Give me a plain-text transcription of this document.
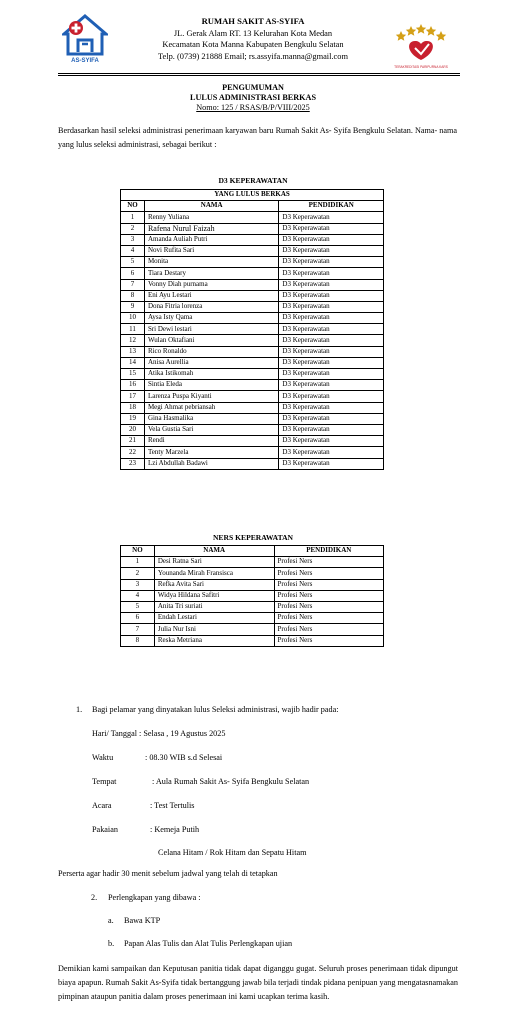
AS-SYIFA
RUMAH SAKIT AS-SYIFA
JL. Gerak Alam RT. 13 Kelurahan Kota Medan
Kecamatan Kota Manna Kabupaten Bengkulu Selatan
Telp. (0739) 21888 Email; rs.assyifa.manna@gmail.com
TERAKREDITASI PARIPURNA KARS
PENGUMUMAN
LULUS ADMINISTRASI BERKAS
Nomo: 125 / RSAS/B/P/VIII/2025
Berdasarkan hasil seleksi administrasi penerimaan karyawan baru Rumah Sakit As- Syifa Bengkulu Selatan. Nama- nama yang lulus seleksi administrasi, sebagai berikut :
D3 KEPERAWATAN
YANG LULUS BERKAS		
NO	NAMA	PENDIDIKAN
1	Renny Yuliana	D3 Keperawatan
2	Rafena Nurul Faizah	D3 Keperawatan
3	Amanda Auliah Putri	D3 Keperawatan
4	Novi Rufita Sari	D3 Keperawatan
5	Monita	D3 Keperawatan
6	Tiara Destary	D3 Keperawatan
7	Vonny Diah purnama	D3 Keperawatan
8	Eni Ayu Lestari	D3 Keperawatan
9	Dona Fitria lorenza	D3 Keperawatan
10	Aysa Isty Qama	D3 Keperawatan
11	Sri Dewi lestari	D3 Keperawatan
12	Wulan Oktafiani	D3 Keperawatan
13	Rico Ronaldo	D3 Keperawatan
14	Anisa Aurellia	D3 Keperawatan
15	Atika Istikomah	D3 Keperawatan
16	Sintia Eleda	D3 Keperawatan
17	Larenza Puspa Kiyanti	D3 Keperawatan
18	Megi Ahmat pebriansah	D3 Keperawatan
19	Gina Hasmalika	D3 Keperawatan
20	Vela Gustia Sari	D3 Keperawatan
21	Rendi	D3 Keperawatan
22	Tenty Marzela	D3 Keperawatan
23	Lzi Abdullah Badawi	D3 Keperawatan
NERS KEPERAWATAN
NO	NAMA	PENDIDIKAN
1	Desi Ratna Sari	Profesi Ners
2	Younanda Mirah Fransisca	Profesi Ners
3	Refka Avita Sari	Profesi Ners
4	Widya Hildana Safitri	Profesi Ners
5	Anita Tri suriati	Profesi Ners
6	Endah Lestari	Profesi Ners
7	Julia Nur Isni	Profesi Ners
8	Reska Metriana	Profesi Ners
1. Bagi pelamar yang dinyatakan lulus Seleksi administrasi, wajib hadir pada:
Hari/ Tanggal : Selasa , 19 Agustus 2025
Waktu	: 08.30 WIB s.d Selesai
Tempat	: Aula Rumah Sakit As- Syifa Bengkulu Selatan
Acara	: Test Tertulis
Pakaian	: Kemeja Putih
Celana Hitam / Rok Hitam dan Sepatu Hitam
Perserta agar hadir 30 menit sebelum jadwal yang telah di tetapkan
2. Perlengkapan yang dibawa :
a. Bawa KTP
b. Papan Alas Tulis dan Alat Tulis Perlengkapan ujian
Demikian kami sampaikan dan Keputusan panitia tidak dapat diganggu gugat. Seluruh proses penerimaan tidak dipungut biaya apapun. Rumah Sakit As-Syifa tidak bertanggung jawab bila terjadi tindak pidana penipuan yang mengatasnamakan pimpinan ataupun panitia dalam proses penerimaan ini kami ucapkan terima kasih.
